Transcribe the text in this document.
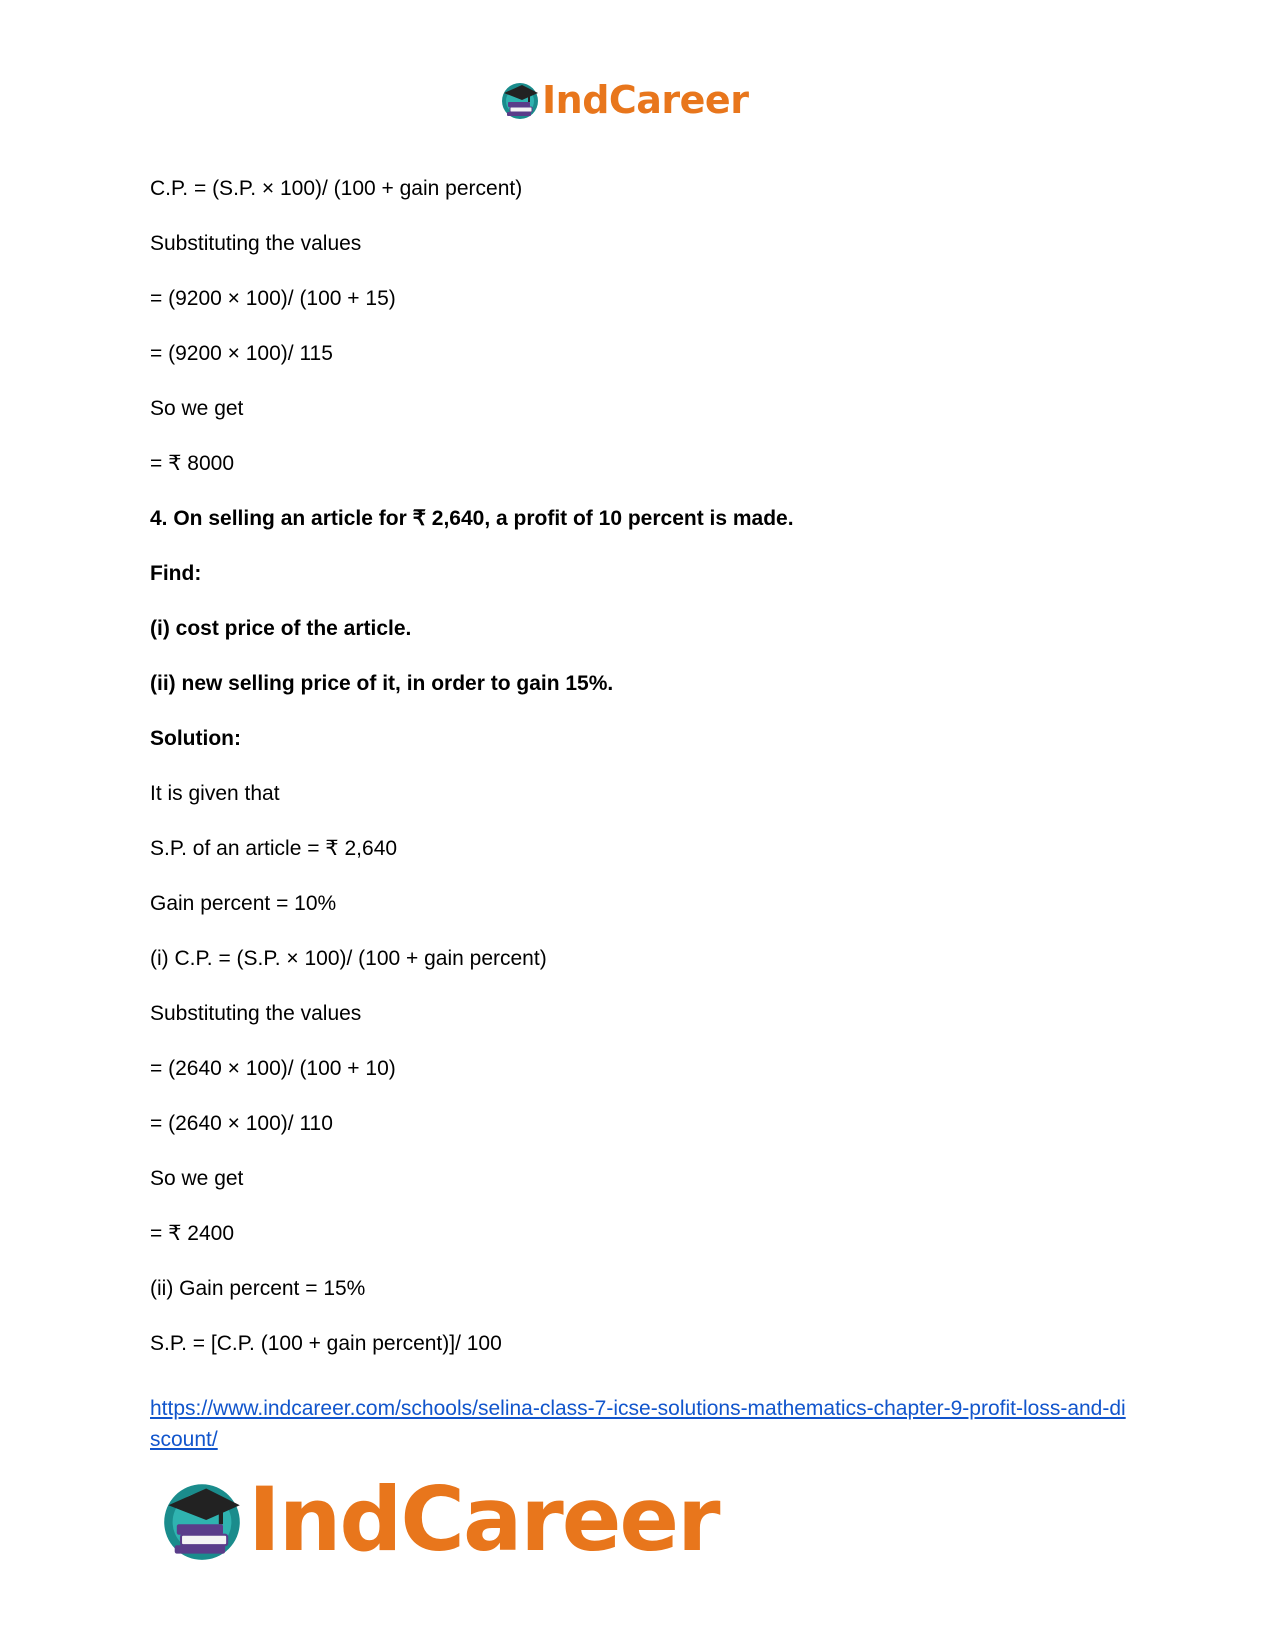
IndCareer
C.P. = (S.P. × 100)/ (100 + gain percent)
Substituting the values
= (9200 × 100)/ (100 + 15)
= (9200 × 100)/ 115
So we get
= ₹ 8000
4. On selling an article for ₹ 2,640, a profit of 10 percent is made.
Find:
(i) cost price of the article.
(ii) new selling price of it, in order to gain 15%.
Solution:
It is given that
S.P. of an article = ₹ 2,640
Gain percent = 10%
(i) C.P. = (S.P. × 100)/ (100 + gain percent)
Substituting the values
= (2640 × 100)/ (100 + 10)
= (2640 × 100)/ 110
So we get
= ₹ 2400
(ii) Gain percent = 15%
S.P. = [C.P. (100 + gain percent)]/ 100
https://www.indcareer.com/schools/selina-class-7-icse-solutions-mathematics-chapter-9-profit-loss-and-discount/
IndCareer
